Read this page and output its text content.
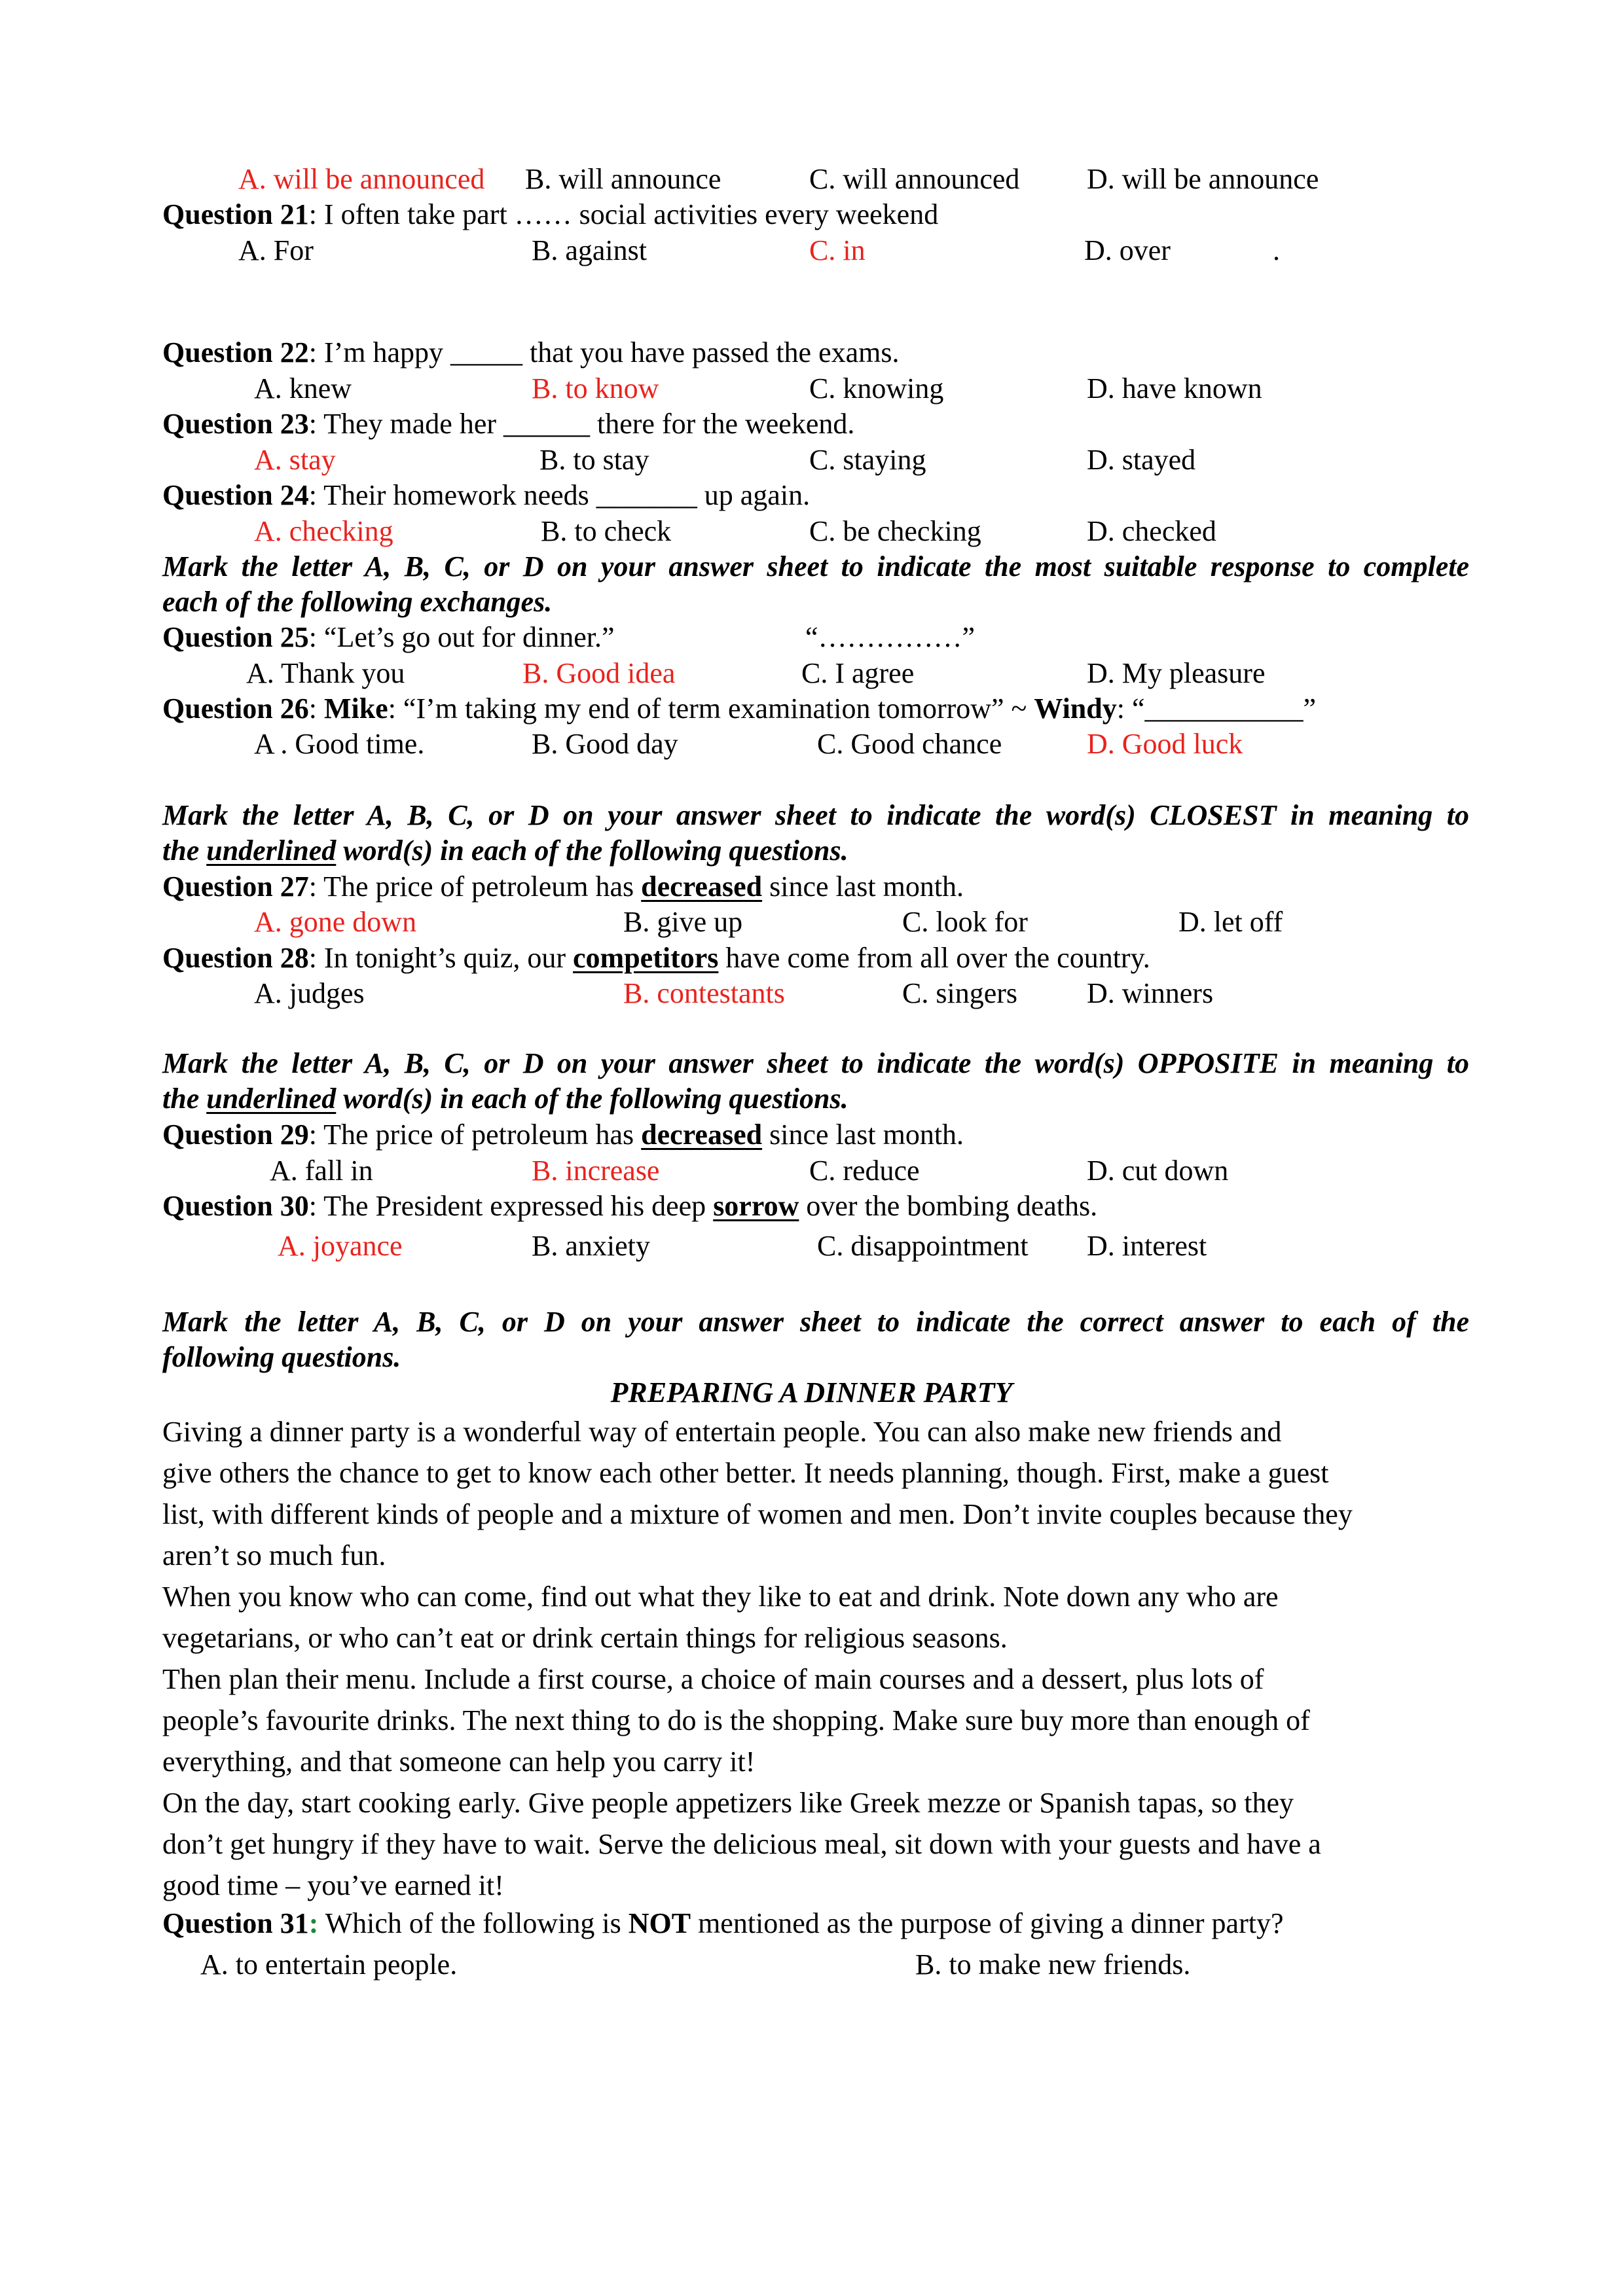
A. will be announced B. will announce	C. will announced D. will be announce
Question 21: I often take part …… social activities every weekend
A. For	B. against	C. in	D. over	.
Question 22: I’m happy _____ that you have passed the exams.
A. knew	B. to know	C. knowing	D. have known
Question 23: They made her ______ there for the weekend.
A. stay	B. to stay	C. staying	D. stayed
Question 24: Their homework needs _______ up again.
A. checking	B. to check	C. be checking	D. checked
Mark the letter A, B, C, or D on your answer sheet to indicate the most suitable response to complete
each of the following exchanges.
Question 25: “Let’s go out for dinner.”	“……………”
A. Thank you	B. Good idea	C. I agree	D. My pleasure
Question 26: Mike: “I’m taking my end of term examination tomorrow” ~ Windy: “___________”
A . Good time.	B. Good day	C. Good chance	D. Good luck
Mark the letter A, B, C, or D on your answer sheet to indicate the word(s) CLOSEST in meaning to
the underlined word(s) in each of the following questions.
Question 27: The price of petroleum has decreased since last month.
A. gone down	B. give up	C. look for	D. let off
Question 28: In tonight’s quiz, our competitors have come from all over the country.
A. judges	B. contestants	C. singers D. winners
Mark the letter A, B, C, or D on your answer sheet to indicate the word(s) OPPOSITE in meaning to
the underlined word(s) in each of the following questions.
Question 29: The price of petroleum has decreased since last month.
A. fall in	B. increase	C. reduce	D. cut down
Question 30: The President expressed his deep sorrow over the bombing deaths.
A. joyance	B. anxiety	C. disappointment D. interest
Mark the letter A, B, C, or D on your answer sheet to indicate the correct answer to each of the
following questions.
PREPARING A DINNER PARTY
Giving a dinner party is a wonderful way of entertain people. You can also make new friends and
give others the chance to get to know each other better. It needs planning, though. First, make a guest
list, with different kinds of people and a mixture of women and men. Don’t invite couples because they
aren’t so much fun.
When you know who can come, find out what they like to eat and drink. Note down any who are
vegetarians, or who can’t eat or drink certain things for religious seasons.
Then plan their menu. Include a first course, a choice of main courses and a dessert, plus lots of
people’s favourite drinks. The next thing to do is the shopping. Make sure buy more than enough of
everything, and that someone can help you carry it!
On the day, start cooking early. Give people appetizers like Greek mezze or Spanish tapas, so they
don’t get hungry if they have to wait. Serve the delicious meal, sit down with your guests and have a
good time – you’ve earned it!
Question 31: Which of the following is NOT mentioned as the purpose of giving a dinner party?
A. to entertain people.	B. to make new friends.
